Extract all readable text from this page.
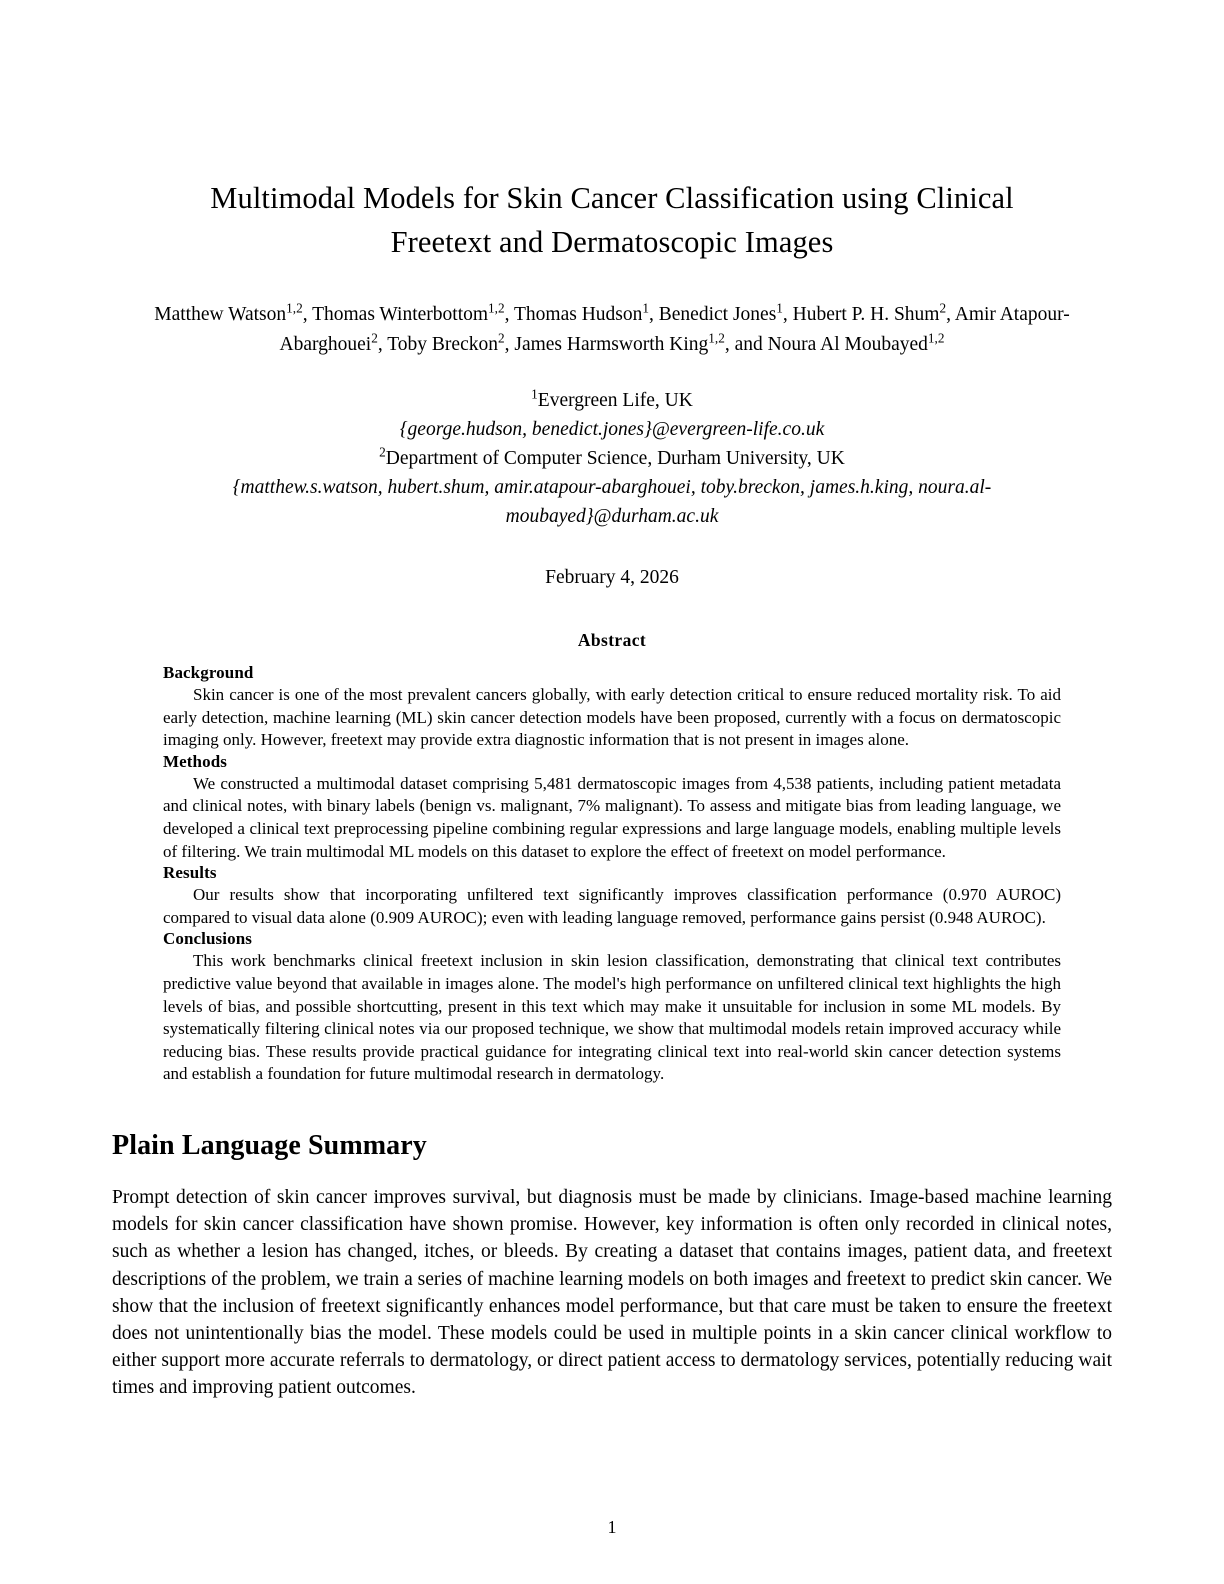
Multimodal Models for Skin Cancer Classification using Clinical Freetext and Dermatoscopic Images
Matthew Watson$^{1,2}$, Thomas Winterbottom$^{1,2}$, Thomas Hudson$^1$, Benedict Jones$^1$, Hubert P. H. Shum$^2$, Amir Atapour-Abarghouei$^2$, Toby Breckon$^2$, James Harmsworth King$^{1,2}$, and Noura Al Moubayed$^{1,2}$
$^1$Evergreen Life, UK
{george.hudson, benedict.jones}@evergreen-life.co.uk
$^2$Department of Computer Science, Durham University, UK
{matthew.s.watson, hubert.shum, amir.atapour-abarghouei, toby.breckon, james.h.king, noura.al-moubayed}@durham.ac.uk
February 4, 2026
Abstract
Background

Skin cancer is one of the most prevalent cancers globally, with early detection critical to ensure reduced mortality risk. To aid early detection, machine learning (ML) skin cancer detection models have been proposed, currently with a focus on dermatoscopic imaging only. However, freetext may provide extra diagnostic information that is not present in images alone.

Methods

We constructed a multimodal dataset comprising 5,481 dermatoscopic images from 4,538 patients, including patient metadata and clinical notes, with binary labels (benign vs. malignant, 7% malignant). To assess and mitigate bias from leading language, we developed a clinical text preprocessing pipeline combining regular expressions and large language models, enabling multiple levels of filtering. We train multimodal ML models on this dataset to explore the effect of freetext on model performance.

Results

Our results show that incorporating unfiltered text significantly improves classification performance (0.970 AUROC) compared to visual data alone (0.909 AUROC); even with leading language removed, performance gains persist (0.948 AUROC).

Conclusions

This work benchmarks clinical freetext inclusion in skin lesion classification, demonstrating that clinical text contributes predictive value beyond that available in images alone. The model's high performance on unfiltered clinical text highlights the high levels of bias, and possible shortcutting, present in this text which may make it unsuitable for inclusion in some ML models. By systematically filtering clinical notes via our proposed technique, we show that multimodal models retain improved accuracy while reducing bias. These results provide practical guidance for integrating clinical text into real-world skin cancer detection systems and establish a foundation for future multimodal research in dermatology.

Plain Language Summary

Prompt detection of skin cancer improves survival, but diagnosis must be made by clinicians. Image-based machine learning models for skin cancer classification have shown promise. However, key information is often only recorded in clinical notes, such as whether a lesion has changed, itches, or bleeds. By creating a dataset that contains images, patient data, and freetext descriptions of the problem, we train a series of machine learning models on both images and freetext to predict skin cancer. We show that the inclusion of freetext significantly enhances model performance, but that care must be taken to ensure the freetext does not unintentionally bias the model. These models could be used in multiple points in a skin cancer clinical workflow to either support more accurate referrals to dermatology, or direct patient access to dermatology services, potentially reducing wait times and improving patient outcomes.

1
